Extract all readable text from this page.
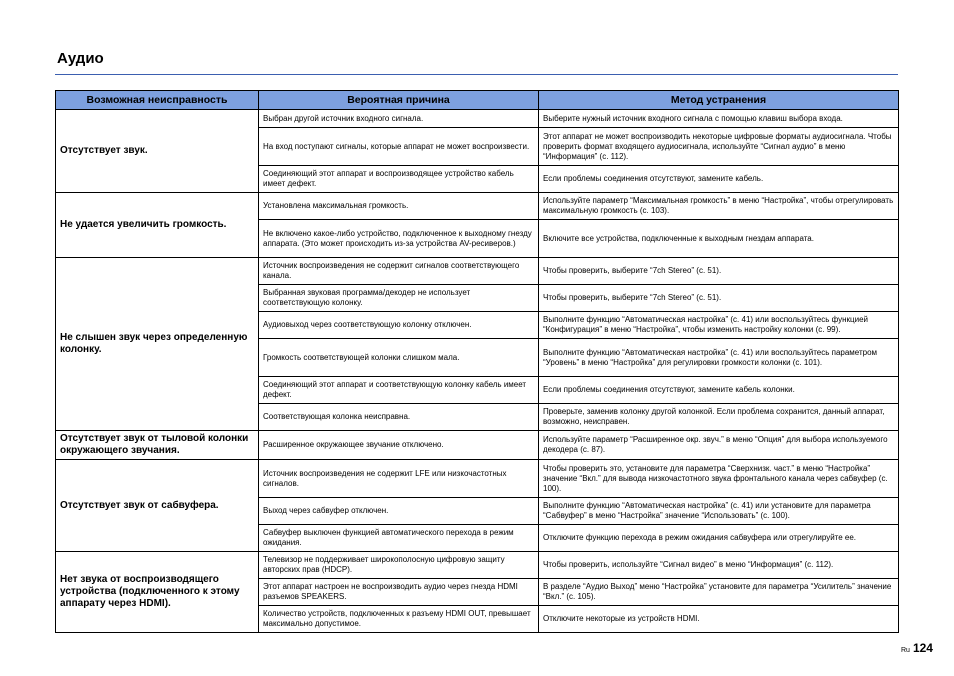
Аудио
Возможная неисправность	Вероятная причина	Метод устранения
Отсутствует звук.	Выбран другой источник входного сигнала.	Выберите нужный источник входного сигнала с помощью клавиш выбора входа.
	На вход поступают сигналы, которые аппарат не может воспроизвести.	Этот аппарат не может воспроизводить некоторые цифровые форматы аудиосигнала. Чтобы проверить формат входящего аудиосигнала, используйте “Сигнал аудио” в меню “Информация” (с. 112).
	Соединяющий этот аппарат и воспроизводящее устройство кабель имеет дефект.	Если проблемы соединения отсутствуют, замените кабель.
Не удается увеличить громкость.	Установлена максимальная громкость.	Используйте параметр “Максимальная громкость” в меню “Настройка”, чтобы отрегулировать максимальную громкость (с. 103).
	Не включено какое-либо устройство, подключенное к выходному гнезду аппарата. (Это может происходить из-за устройства AV-ресиверов.)	Включите все устройства, подключенные к выходным гнездам аппарата.
Не слышен звук через определенную колонку.	Источник воспроизведения не содержит сигналов соответствующего канала.	Чтобы проверить, выберите “7ch Stereo” (с. 51).
	Выбранная звуковая программа/декодер не использует соответствующую колонку.	Чтобы проверить, выберите “7ch Stereo” (с. 51).
	Аудиовыход через соответствующую колонку отключен.	Выполните функцию “Автоматическая настройка” (с. 41) или воспользуйтесь функцией “Конфигурация” в меню “Настройка”, чтобы изменить настройку колонки (с. 99).
	Громкость соответствующей колонки слишком мала.	Выполните функцию “Автоматическая настройка” (с. 41) или воспользуйтесь параметром “Уровень” в меню “Настройка” для регулировки громкости колонки (с. 101).
	Соединяющий этот аппарат и соответствующую колонку кабель имеет дефект.	Если проблемы соединения отсутствуют, замените кабель колонки.
	Соответствующая колонка неисправна.	Проверьте, заменив колонку другой колонкой. Если проблема сохранится, данный аппарат, возможно, неисправен.
Отсутствует звук от тыловой колонки окружающего звучания.	Расширенное окружающее звучание отключено.	Используйте параметр “Расширенное окр. звуч.” в меню “Опция” для выбора используемого декодера (с. 87).
Отсутствует звук от сабвуфера.	Источник воспроизведения не содержит LFE или низкочастотных сигналов.	Чтобы проверить это, установите для параметра “Сверхнизк. част.” в меню “Настройка” значение “Вкл.” для вывода низкочастотного звука фронтального канала через сабвуфер (с. 100).
	Выход через сабвуфер отключен.	Выполните функцию “Автоматическая настройка” (с. 41) или установите для параметра “Сабвуфер” в меню “Настройка” значение “Использовать” (с. 100).
	Сабвуфер выключен функцией автоматического перехода в режим ожидания.	Отключите функцию перехода в режим ожидания сабвуфера или отрегулируйте ее.
Нет звука от воспроизводящего устройства (подключенного к этому аппарату через HDMI).	Телевизор не поддерживает широкополосную цифровую защиту авторских прав (HDCP).	Чтобы проверить, используйте “Сигнал видео” в меню “Информация” (с. 112).
	Этот аппарат настроен не воспроизводить аудио через гнезда HDMI разъемов SPEAKERS.	В разделе “Аудио Выход” меню “Настройка” установите для параметра “Усилитель” значение “Вкл.” (с. 105).
	Количество устройств, подключенных к разъему HDMI OUT, превышает максимально допустимое.	Отключите некоторые из устройств HDMI.
Ru 124
